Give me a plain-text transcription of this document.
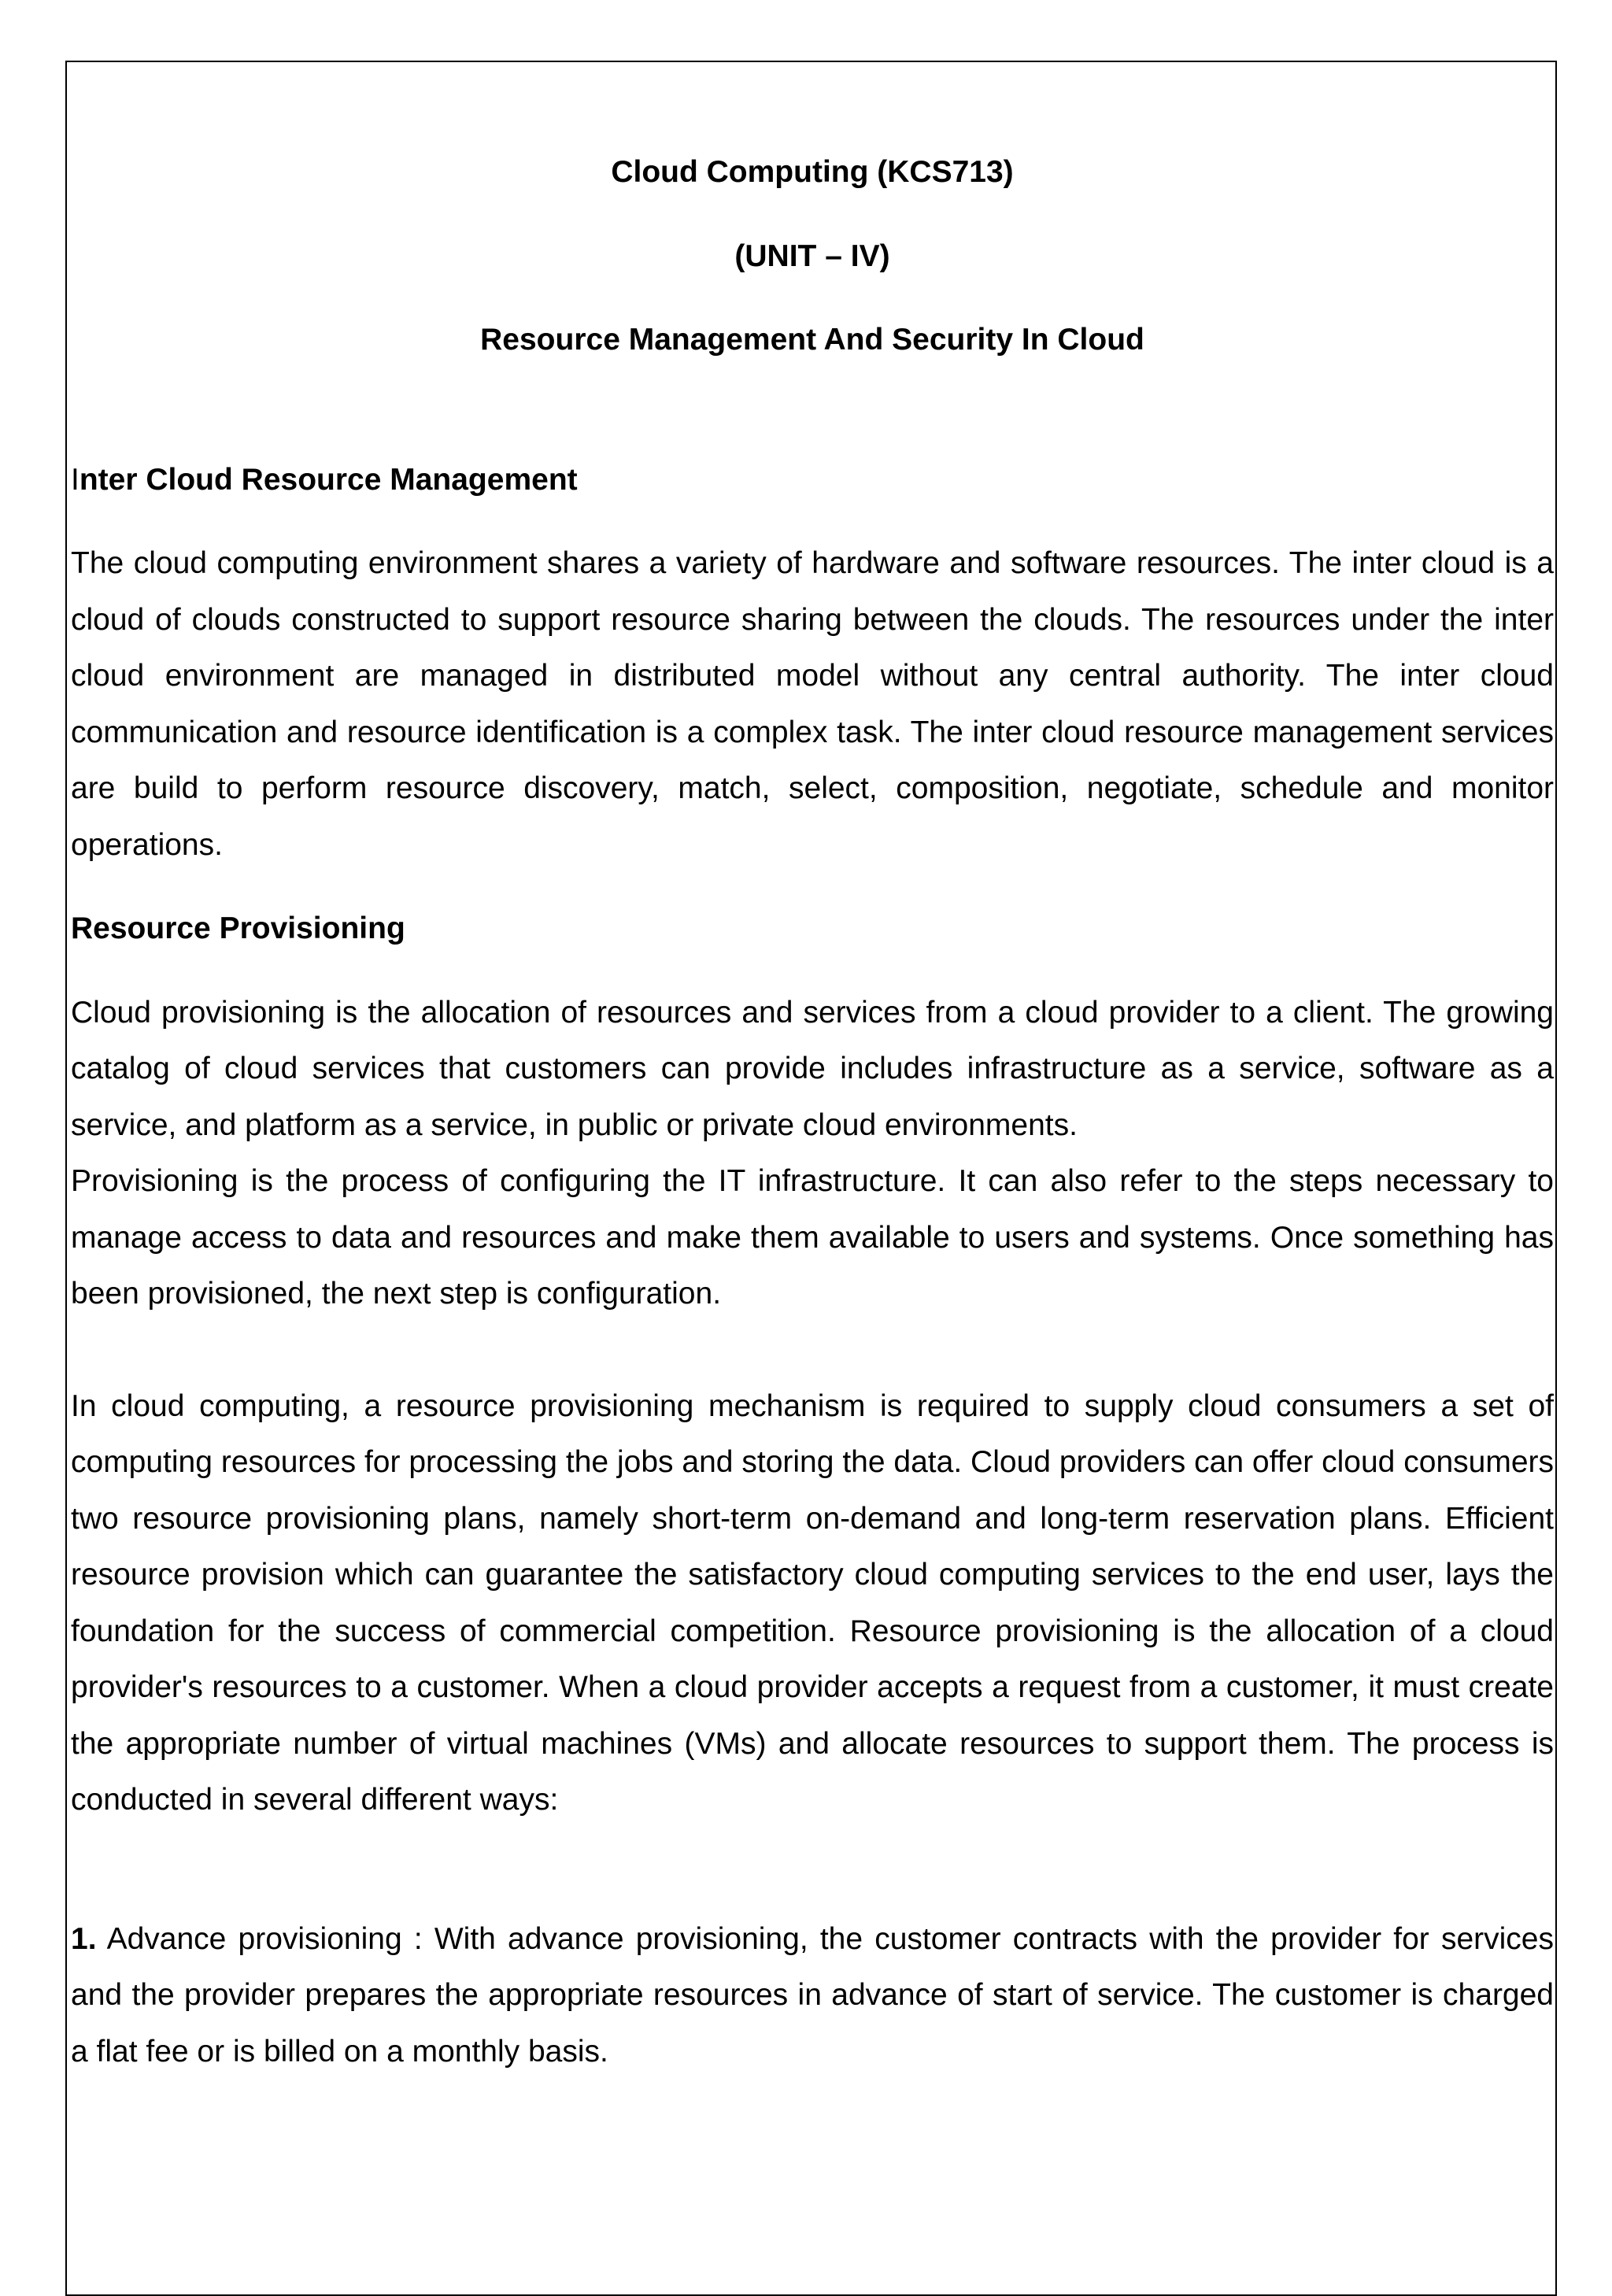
Cloud Computing (KCS713)
(UNIT – IV)
Resource Management And Security In Cloud
Inter Cloud Resource Management

The cloud computing environment shares a variety of hardware and software resources. The inter cloud is a cloud of clouds constructed to support resource sharing between the clouds. The resources under the inter cloud environment are managed in distributed model without any central authority. The inter cloud communication and resource identification is a complex task. The inter cloud resource management services are build to perform resource discovery, match, select, composition, negotiate, schedule and monitor operations.

Resource Provisioning

Cloud provisioning is the allocation of resources and services from a cloud provider to a client. The growing catalog of cloud services that customers can provide includes infrastructure as a service, software as a service, and platform as a service, in public or private cloud environments.

Provisioning is the process of configuring the IT infrastructure. It can also refer to the steps necessary to manage access to data and resources and make them available to users and systems. Once something has been provisioned, the next step is configuration.

In cloud computing, a resource provisioning mechanism is required to supply cloud consumers a set of computing resources for processing the jobs and storing the data. Cloud providers can offer cloud consumers two resource provisioning plans, namely short-term on-demand and long-term reservation plans. Efficient resource provision which can guarantee the satisfactory cloud computing services to the end user, lays the foundation for the success of commercial competition. Resource provisioning is the allocation of a cloud provider's resources to a customer. When a cloud provider accepts a request from a customer, it must create the appropriate number of virtual machines (VMs) and allocate resources to support them. The process is conducted in several different ways:

1. Advance provisioning : With advance provisioning, the customer contracts with the provider for services and the provider prepares the appropriate resources in advance of start of service. The customer is charged a flat fee or is billed on a monthly basis.
